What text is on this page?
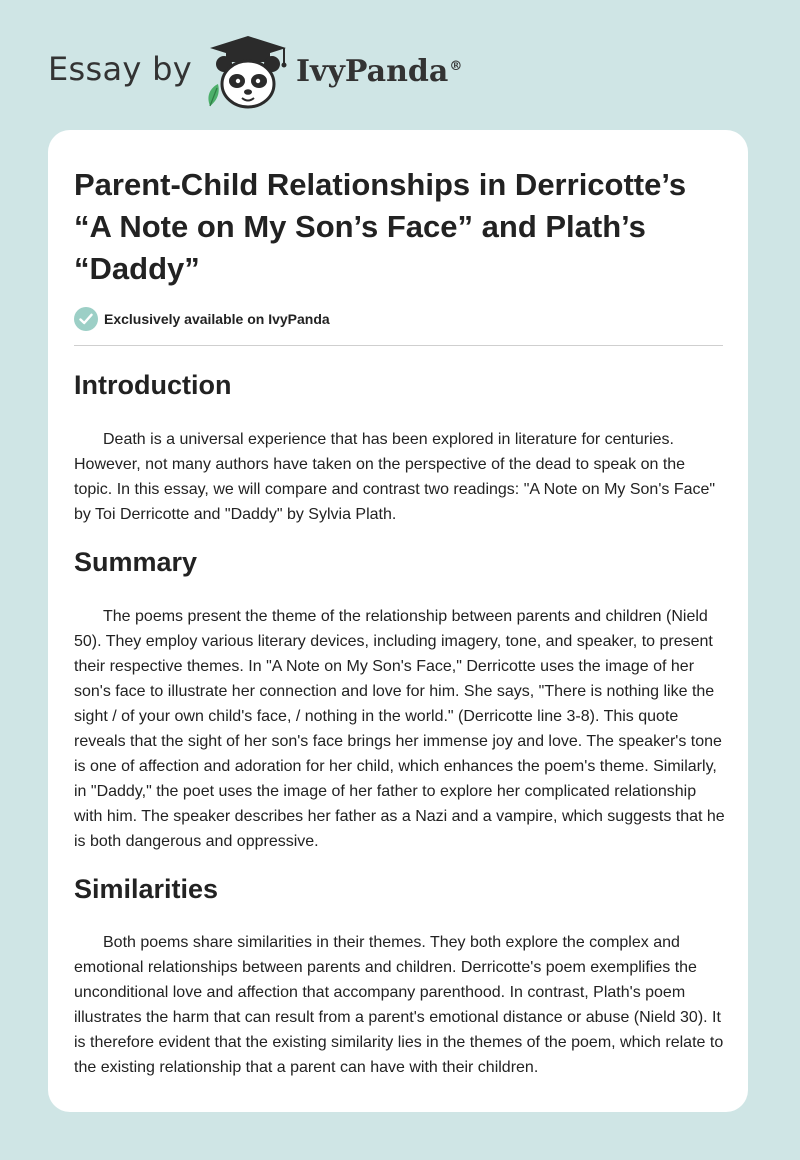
Essay by	IvyPanda®
Parent-Child Relationships in Derricotte’s “A Note on My Son’s Face” and Plath’s “Daddy”
Exclusively available on IvyPanda
Introduction

Death is a universal experience that has been explored in literature for centuries. However, not many authors have taken on the perspective of the dead to speak on the topic. In this essay, we will compare and contrast two readings: "A Note on My Son's Face" by Toi Derricotte and "Daddy" by Sylvia Plath.

Summary

The poems present the theme of the relationship between parents and children (Nield 50). They employ various literary devices, including imagery, tone, and speaker, to present their respective themes. In "A Note on My Son's Face," Derricotte uses the image of her son's face to illustrate her connection and love for him. She says, "There is nothing like the sight / of your own child's face, / nothing in the world." (Derricotte line 3-8). This quote reveals that the sight of her son's face brings her immense joy and love. The speaker's tone is one of affection and adoration for her child, which enhances the poem's theme. Similarly, in "Daddy," the poet uses the image of her father to explore her complicated relationship with him. The speaker describes her father as a Nazi and a vampire, which suggests that he is both dangerous and oppressive.

Similarities

Both poems share similarities in their themes. They both explore the complex and emotional relationships between parents and children. Derricotte's poem exemplifies the unconditional love and affection that accompany parenthood. In contrast, Plath's poem illustrates the harm that can result from a parent's emotional distance or abuse (Nield 30). It is therefore evident that the existing similarity lies in the themes of the poem, which relate to the existing relationship that a parent can have with their children.
